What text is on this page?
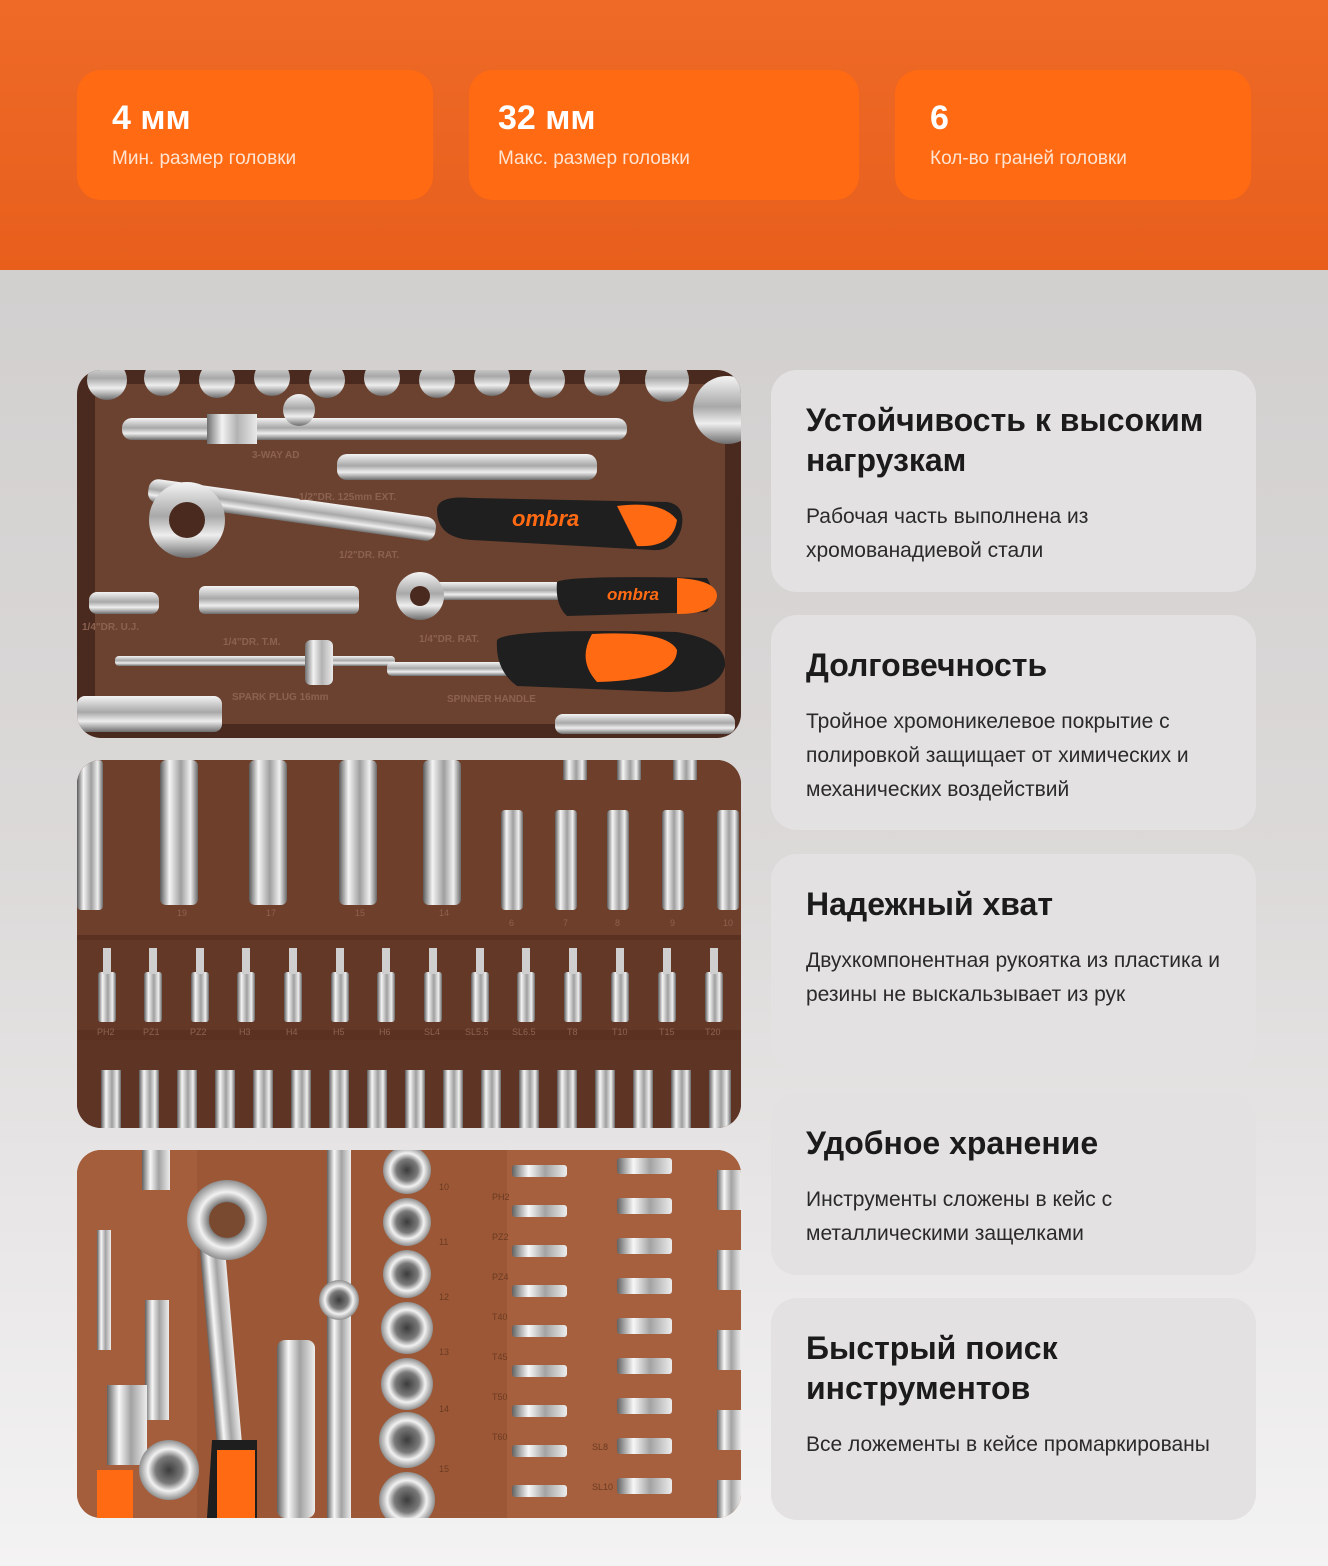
4 мм
Мин. размер головки
32 мм
Макс. размер головки
6
Кол-во граней головки
ombra
ombra
3-WAY AD
1/2"DR. 125mm EXT.
1/2"DR. RAT.
1/4"DR. U.J.
1/4"DR. T.M.	1/4"DR. RAT.
SPARK PLUG 16mm	SPINNER HANDLE
19	17	15	14
6	7	8	9	10
PH2	PZ1	PZ2	H3	H4	H5	H6	SL4	SL5.5	SL6.5	T8	T10	T15	T20
PH2
PZ2
PZ4
T40
T45
T50
T60
SL8
SL10
10
11
12
13
14
15
Устойчивость к высоким нагрузкам
Рабочая часть выполнена из хромованадиевой стали
Долговечность
Тройное хромоникелевое покрытие с полировкой защищает от химических и механических воздействий
Надежный хват
Двухкомпонентная рукоятка из пластика и резины не выскальзывает из рук
Удобное хранение
Инструменты сложены в кейс с металлическими защелками
Быстрый поиск инструментов
Все ложементы в кейсе промаркированы
